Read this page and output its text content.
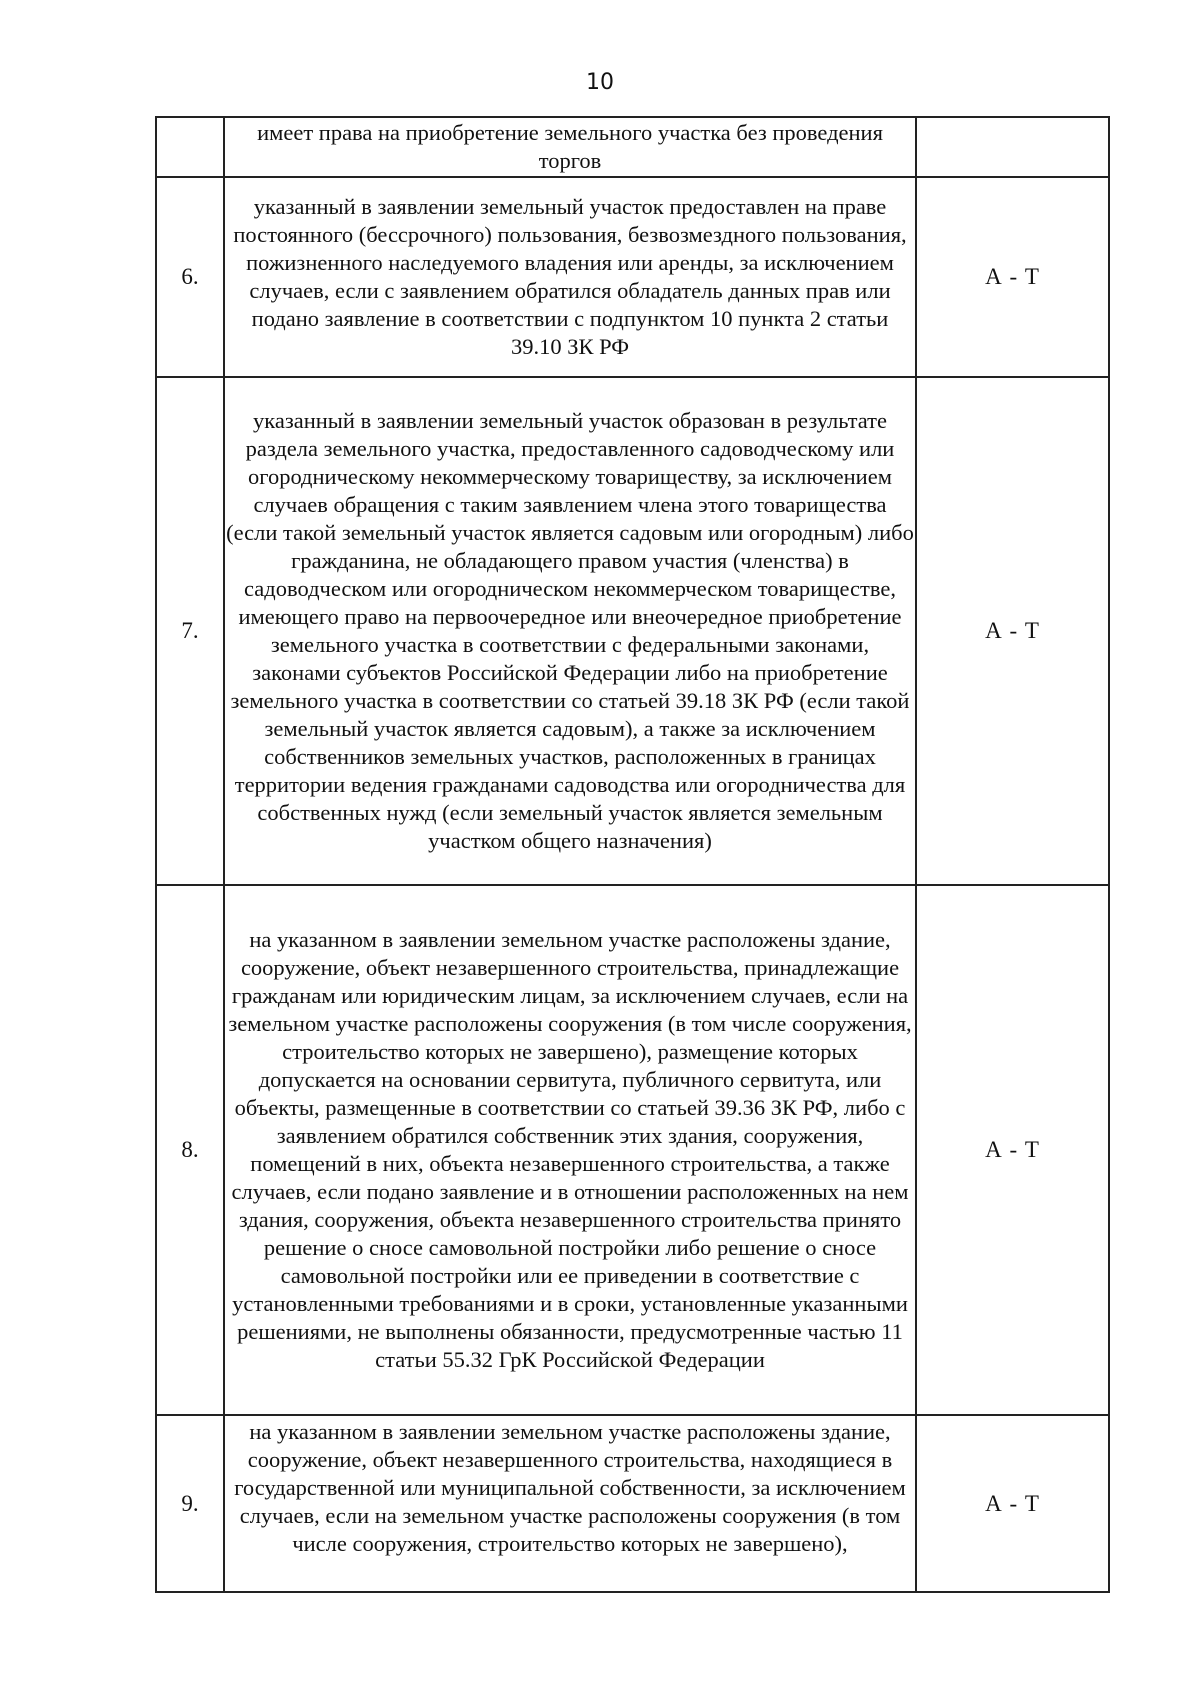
10
	имеет права на приобретение земельного участка без проведения торгов	
6.	указанный в заявлении земельный участок предоставлен на праве постоянного (бессрочного) пользования, безвозмездного пользования, пожизненного наследуемого владения или аренды, за исключением случаев, если с заявлением обратился обладатель данных прав или подано заявление в соответствии с подпунктом 10 пункта 2 статьи 39.10 ЗК РФ	А - Т
7.	указанный в заявлении земельный участок образован в результате раздела земельного участка, предоставленного садоводческому или огородническому некоммерческому товариществу, за исключением случаев обращения с таким заявлением члена этого товарищества (если такой земельный участок является садовым или огородным) либо гражданина, не обладающего правом участия (членства) в садоводческом или огородническом некоммерческом товариществе, имеющего право на первоочередное или внеочередное приобретение земельного участка в соответствии с федеральными законами, законами субъектов Российской Федерации либо на приобретение земельного участка в соответствии со статьей 39.18 ЗК РФ (если такой земельный участок является садовым), а также за исключением собственников земельных участков, расположенных в границах территории ведения гражданами садоводства или огородничества для собственных нужд (если земельный участок является земельным участком общего назначения)	А - Т
8.	на указанном в заявлении земельном участке расположены здание, сооружение, объект незавершенного строительства, принадлежащие гражданам или юридическим лицам, за исключением случаев, если на земельном участке расположены сооружения (в том числе сооружения, строительство которых не завершено), размещение которых допускается на основании сервитута, публичного сервитута, или объекты, размещенные в соответствии со статьей 39.36 ЗК РФ, либо с заявлением обратился собственник этих здания, сооружения, помещений в них, объекта незавершенного строительства, а также случаев, если подано заявление и в отношении расположенных на нем здания, сооружения, объекта незавершенного строительства принято решение о сносе самовольной постройки либо решение о сносе самовольной постройки или ее приведении в соответствие с установленными требованиями и в сроки, установленные указанными решениями, не выполнены обязанности, предусмотренные частью 11 статьи 55.32 ГрК Российской Федерации	А - Т
9.	на указанном в заявлении земельном участке расположены здание, сооружение, объект незавершенного строительства, находящиеся в государственной или муниципальной собственности, за исключением случаев, если на земельном участке расположены сооружения (в том числе сооружения, строительство которых не завершено),	А - Т
